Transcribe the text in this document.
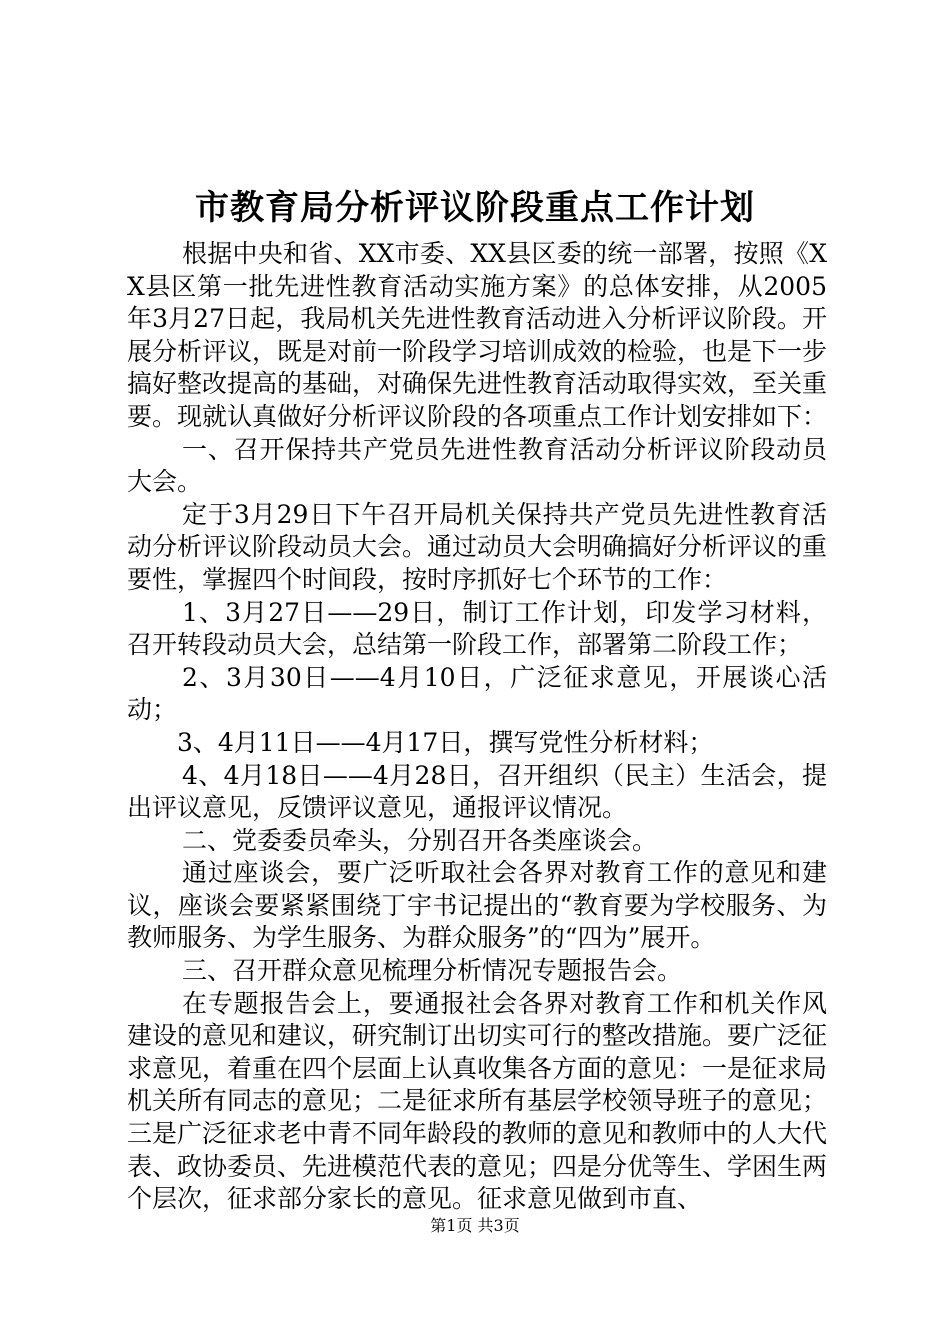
市教育局分析评议阶段重点工作计划

根据中央和省、XX市委、XX县区委的统一部署，按照《XX县区第一批先进性教育活动实施方案》的总体安排，从2005年3月27日起，我局机关先进性教育活动进入分析评议阶段。开展分析评议，既是对前一阶段学习培训成效的检验，也是下一步搞好整改提高的基础，对确保先进性教育活动取得实效，至关重要。现就认真做好分析评议阶段的各项重点工作计划安排如下：

一、召开保持共产党员先进性教育活动分析评议阶段动员大会。

定于3月29日下午召开局机关保持共产党员先进性教育活动分析评议阶段动员大会。通过动员大会明确搞好分析评议的重要性，掌握四个时间段，按时序抓好七个环节的工作：

1、3月27日——29日，制订工作计划，印发学习材料，召开转段动员大会，总结第一阶段工作，部署第二阶段工作；

2、3月30日——4月10日，广泛征求意见，开展谈心活动；

3、4月11日——4月17日，撰写党性分析材料；

4、4月18日——4月28日，召开组织（民主）生活会，提出评议意见，反馈评议意见，通报评议情况。

二、党委委员牵头，分别召开各类座谈会。

通过座谈会，要广泛听取社会各界对教育工作的意见和建议，座谈会要紧紧围绕丁宇书记提出的“教育要为学校服务、为教师服务、为学生服务、为群众服务”的“四为”展开。

三、召开群众意见梳理分析情况专题报告会。

在专题报告会上，要通报社会各界对教育工作和机关作风建设的意见和建议，研究制订出切实可行的整改措施。要广泛征求意见，着重在四个层面上认真收集各方面的意见：一是征求局机关所有同志的意见；二是征求所有基层学校领导班子的意见；三是广泛征求老中青不同年龄段的教师的意见和教师中的人大代表、政协委员、先进模范代表的意见；四是分优等生、学困生两个层次，征求部分家长的意见。征求意见做到市直、

第1页 共3页
